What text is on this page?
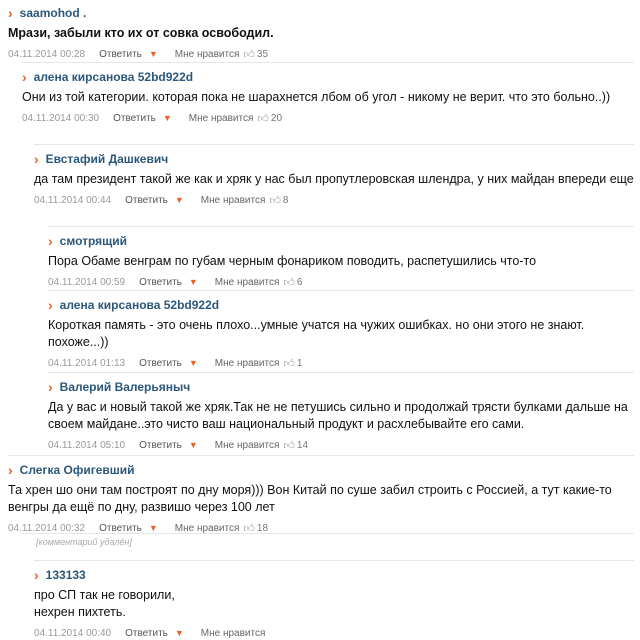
› saamohod .
Мрази, забыли кто их от совка освободил.
04.11.2014 00:28 Ответить ▼ Мне нравится 👍︎ 35
› алена кирсанова 52bd922d
Они из той категории. которая пока не шарахнется лбом об угол - никому не верит. что это больно..))
04.11.2014 00:30 Ответить ▼ Мне нравится 👍︎ 20
› Евстафий Дашкевич
да там президент такой же как и хряк у нас был пропутлеровская шлендра, у них майдан впереди еще
04.11.2014 00:44 Ответить ▼ Мне нравится 👍︎ 8
› смотрящий
Пора Обаме венграм по губам черным фонариком поводить, распетушились что-то
04.11.2014 00:59 Ответить ▼ Мне нравится 👍︎ 6
› алена кирсанова 52bd922d
Короткая память - это очень плохо...умные учатся на чужих ошибках. но они этого не знают. похоже...))
04.11.2014 01:13 Ответить ▼ Мне нравится 👍︎ 1
› Валерий Валерьяныч
Да у вас и новый такой же хряк.Так не не петушись сильно и продолжай трясти булками дальше на своем майдане..это чисто ваш национальный продукт и расхлебывайте его сами.
04.11.2014 05:10 Ответить ▼ Мне нравится 👍︎ 14
› Слегка Офигевший
Та хрен шо они там построят по дну моря))) Вон Китай по суше забил строить с Россией, а тут какие-то венгры да ещё по дну, развишо через 100 лет
04.11.2014 00:32 Ответить ▼ Мне нравится 👍︎ 18
[комментарий удалён]
› 133133
про СП так не говорили,
нехрен пихтеть.
04.11.2014 00:40 Ответить ▼ Мне нравится
